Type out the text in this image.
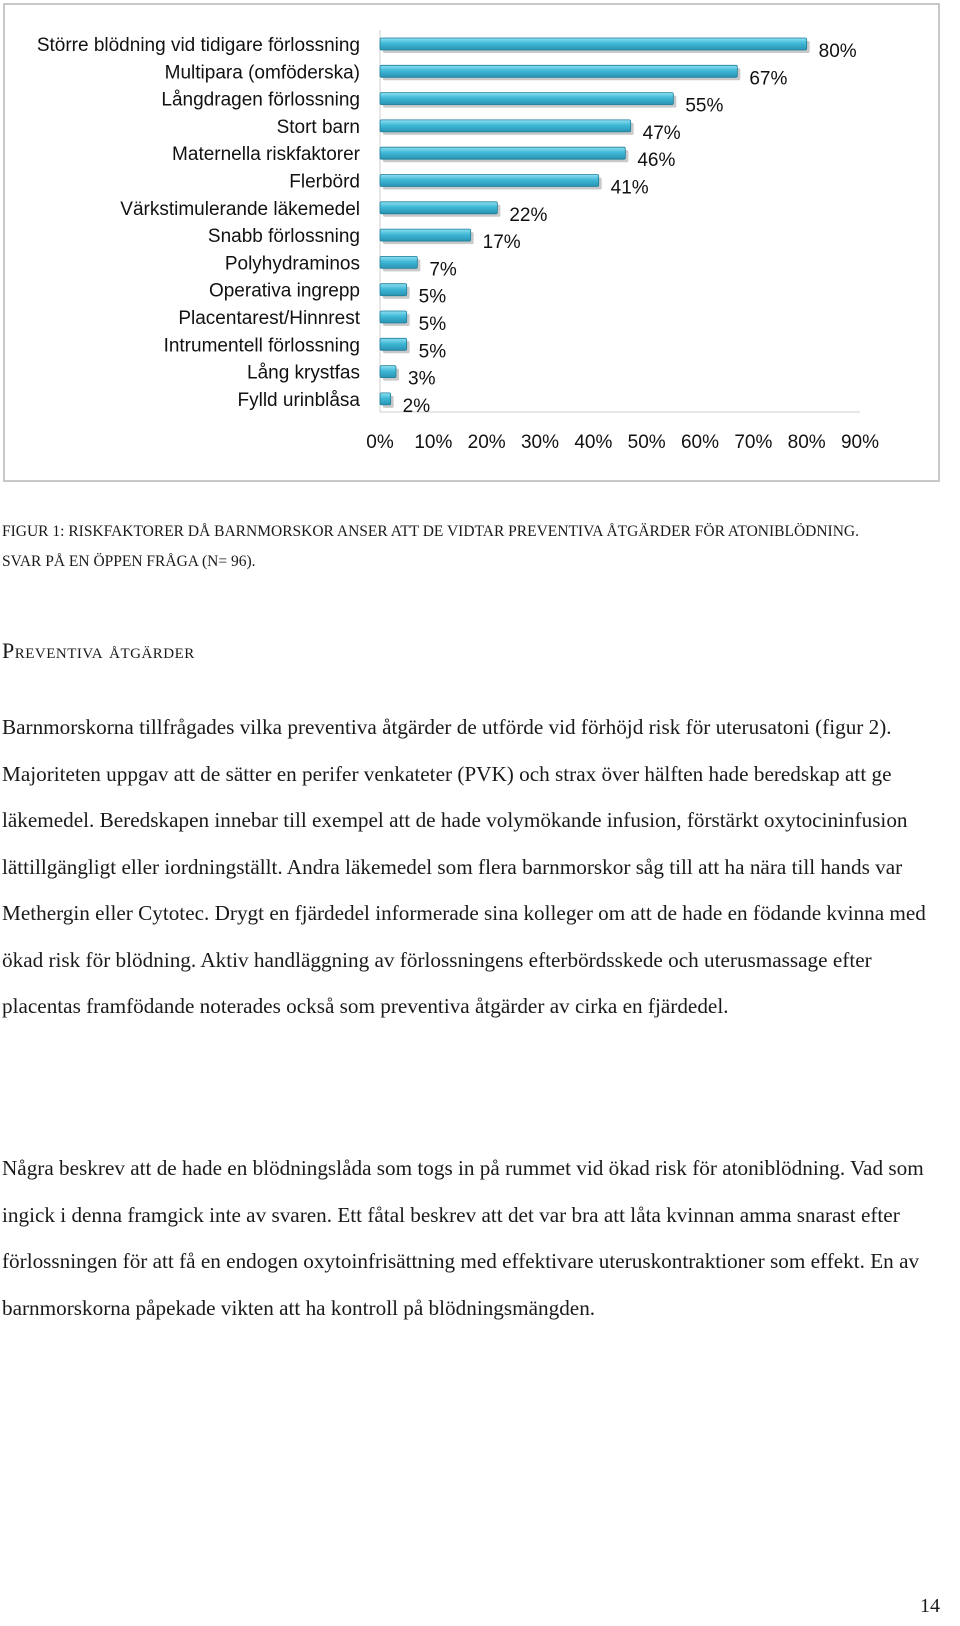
Större blödning vid tidigare förlossning	80%
Multipara (omföderska)	67%
Långdragen förlossning	55%
Stort barn	47%
Maternella riskfaktorer	46%
Flerbörd	41%
Värkstimulerande läkemedel	22%
Snabb förlossning	17%
Polyhydraminos	7%
Operativa ingrepp	5%
Placentarest/Hinnrest	5%
Intrumentell förlossning	5%
Lång krystfas	3%
Fylld urinblåsa 2%
0% 10% 20% 30% 40% 50% 60% 70% 80% 90%
FIGUR 1: RISKFAKTORER DÅ BARNMORSKOR ANSER ATT DE VIDTAR PREVENTIVA ÅTGÄRDER FÖR ATONIBLÖDNING. SVAR PÅ EN ÖPPEN FRÅGA (N= 96).
Preventiva åtgärder

Barnmorskorna tillfrågades vilka preventiva åtgärder de utförde vid förhöjd risk för uterusatoni (figur 2). Majoriteten uppgav att de sätter en perifer venkateter (PVK) och strax över hälften hade beredskap att ge läkemedel. Beredskapen innebar till exempel att de hade volymökande infusion, förstärkt oxytocininfusion lättillgängligt eller iordningställt. Andra läkemedel som flera barnmorskor såg till att ha nära till hands var Methergin eller Cytotec. Drygt en fjärdedel informerade sina kolleger om att de hade en födande kvinna med ökad risk för blödning. Aktiv handläggning av förlossningens efterbördsskede och uterusmassage efter placentas framfödande noterades också som preventiva åtgärder av cirka en fjärdedel.

Några beskrev att de hade en blödningslåda som togs in på rummet vid ökad risk för atoniblödning. Vad som ingick i denna framgick inte av svaren. Ett fåtal beskrev att det var bra att låta kvinnan amma snarast efter förlossningen för att få en endogen oxytoinfrisättning med effektivare uteruskontraktioner som effekt. En av barnmorskorna påpekade vikten att ha kontroll på blödningsmängden.

14
